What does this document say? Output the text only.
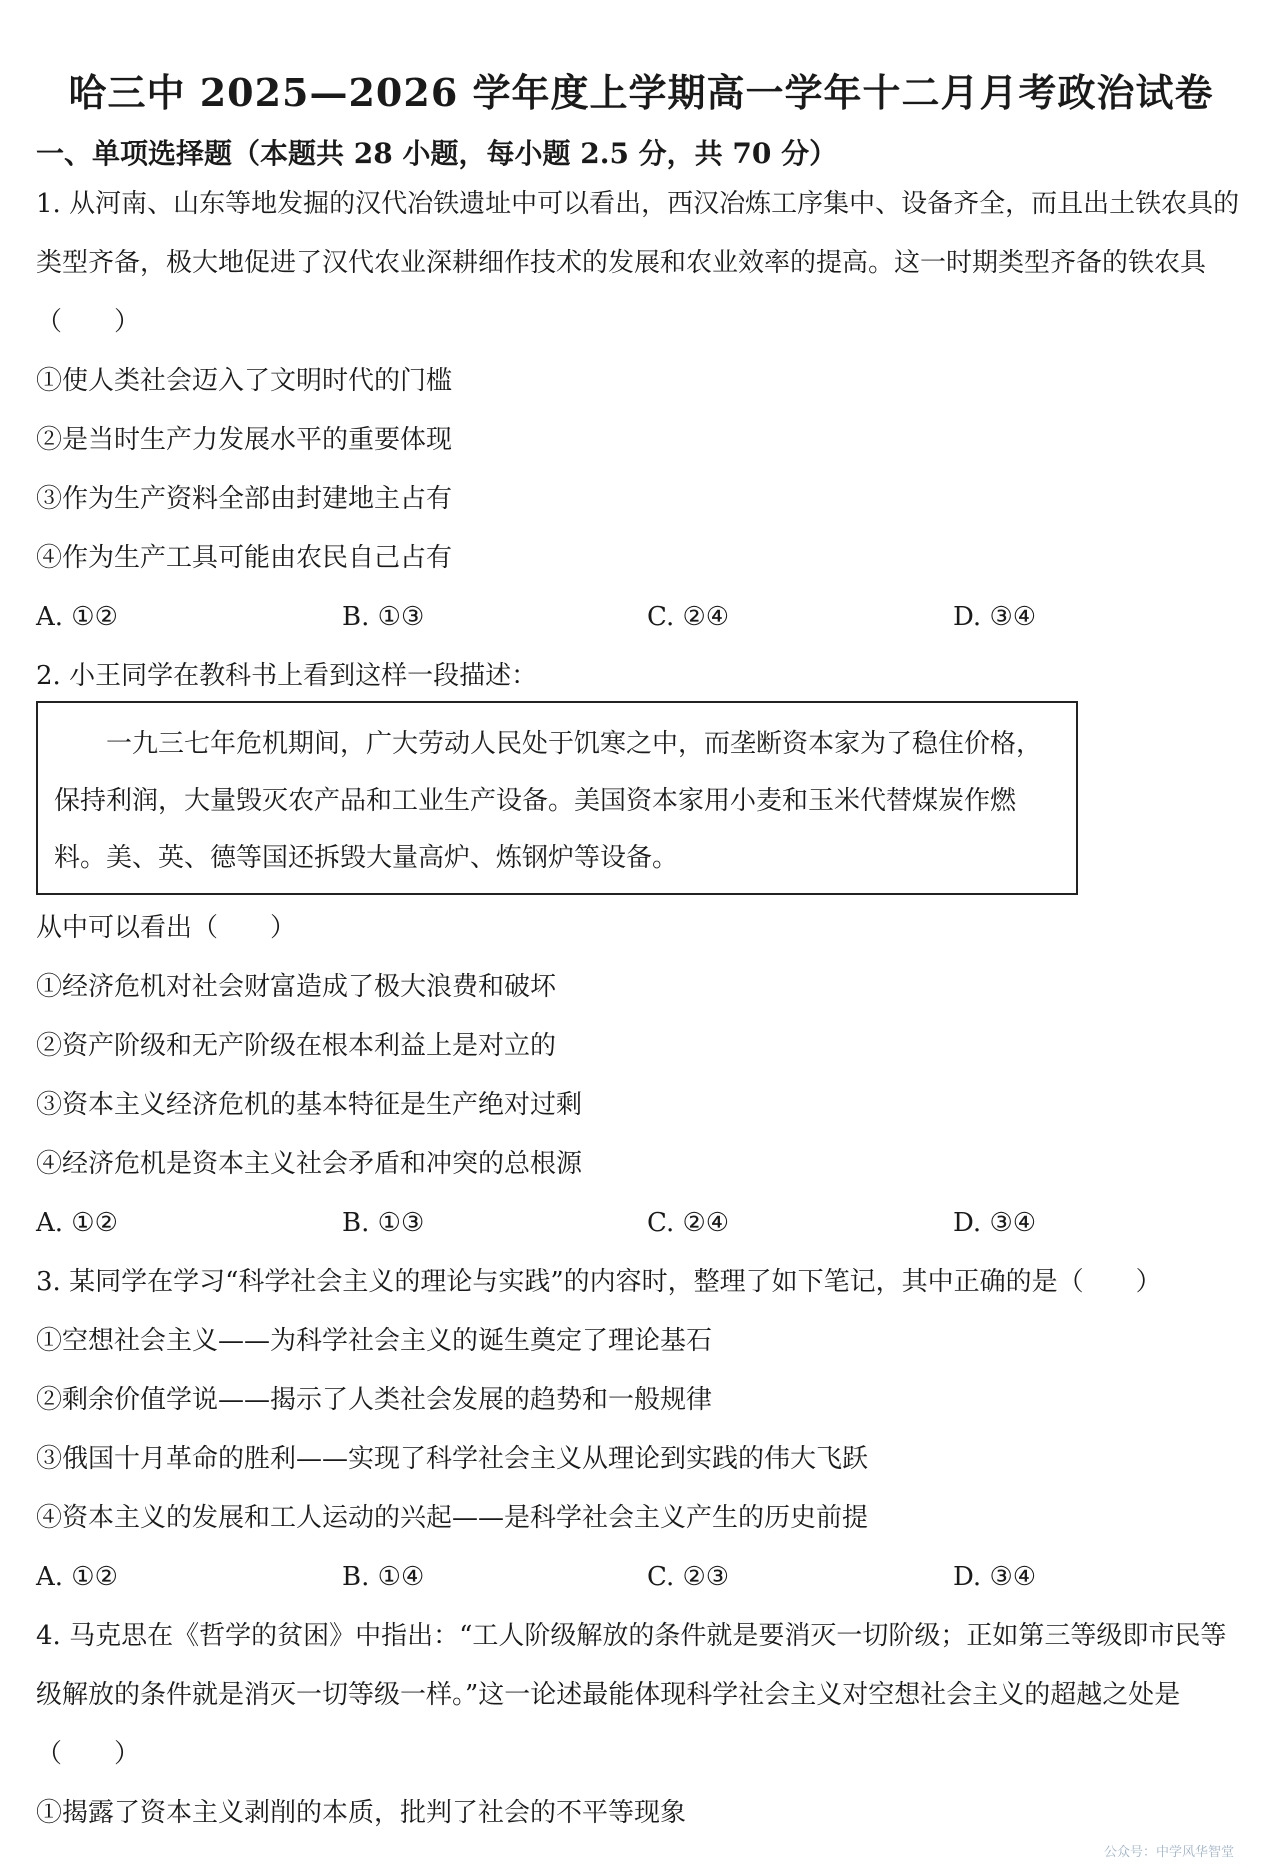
哈三中 2025—2026 学年度上学期高一学年十二月月考政治试卷
一、单项选择题（本题共 28 小题，每小题 2.5 分，共 70 分）
1. 从河南、山东等地发掘的汉代冶铁遗址中可以看出，西汉冶炼工序集中、设备齐全，而且出土铁农具的
类型齐备，极大地促进了汉代农业深耕细作技术的发展和农业效率的提高。这一时期类型齐备的铁农具
（　　）
①使人类社会迈入了文明时代的门槛
②是当时生产力发展水平的重要体现
③作为生产资料全部由封建地主占有
④作为生产工具可能由农民自己占有
A. ①②	B. ①③	C. ②④	D. ③④
2. 小王同学在教科书上看到这样一段描述：
　　一九三七年危机期间，广大劳动人民处于饥寒之中，而垄断资本家为了稳住价格，
保持利润，大量毁灭农产品和工业生产设备。美国资本家用小麦和玉米代替煤炭作燃
料。美、英、德等国还拆毁大量高炉、炼钢炉等设备。
从中可以看出（　　）
①经济危机对社会财富造成了极大浪费和破坏
②资产阶级和无产阶级在根本利益上是对立的
③资本主义经济危机的基本特征是生产绝对过剩
④经济危机是资本主义社会矛盾和冲突的总根源
A. ①②	B. ①③	C. ②④	D. ③④
3. 某同学在学习“科学社会主义的理论与实践”的内容时，整理了如下笔记，其中正确的是（　　）
①空想社会主义——为科学社会主义的诞生奠定了理论基石
②剩余价值学说——揭示了人类社会发展的趋势和一般规律
③俄国十月革命的胜利——实现了科学社会主义从理论到实践的伟大飞跃
④资本主义的发展和工人运动的兴起——是科学社会主义产生的历史前提
A. ①②	B. ①④	C. ②③	D. ③④
4. 马克思在《哲学的贫困》中指出：“工人阶级解放的条件就是要消灭一切阶级；正如第三等级即市民等
级解放的条件就是消灭一切等级一样。”这一论述最能体现科学社会主义对空想社会主义的超越之处是
（　　）
①揭露了资本主义剥削的本质，批判了社会的不平等现象
公众号：中学风华智堂
